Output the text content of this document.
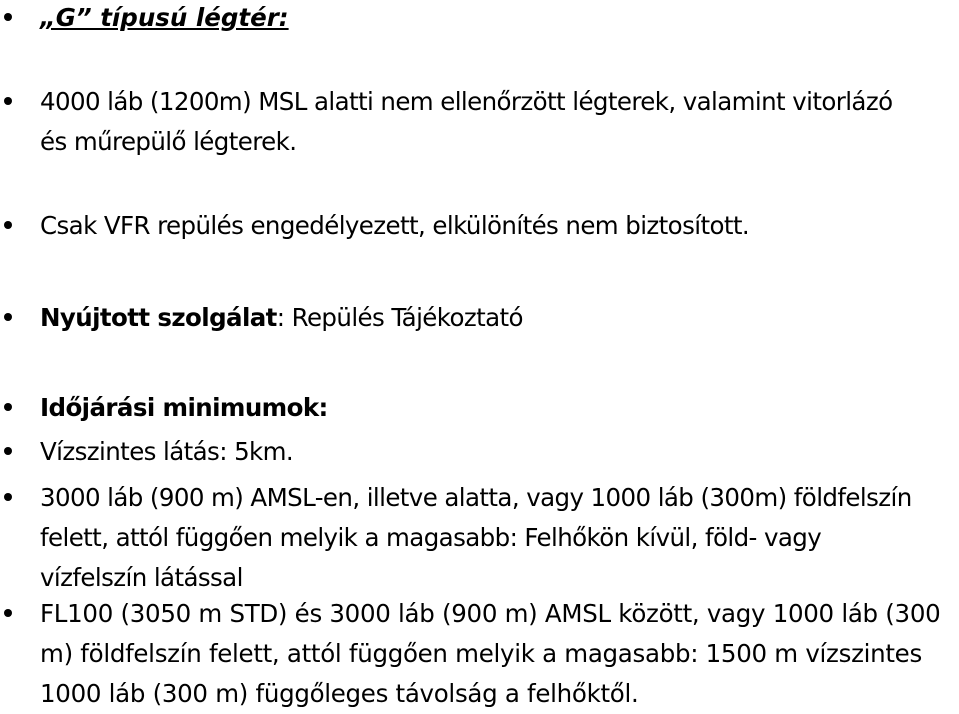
„G” típusú légtér:
4000 láb (1200m) MSL alatti nem ellenőrzött légterek, valamint vitorlázó
és műrepülő légterek.
Csak VFR repülés engedélyezett, elkülönítés nem biztosított.
Nyújtott szolgálat: Repülés Tájékoztató
Időjárási minimumok:
Vízszintes látás: 5km.
3000 láb (900 m) AMSL-en, illetve alatta, vagy 1000 láb (300m) földfelszín
felett, attól függően melyik a magasabb: Felhőkön kívül, föld- vagy
vízfelszín látással
FL100 (3050 m STD) és 3000 láb (900 m) AMSL között, vagy 1000 láb (300
m) földfelszín felett, attól függően melyik a magasabb: 1500 m vízszintes
1000 láb (300 m) függőleges távolság a felhőktől.
